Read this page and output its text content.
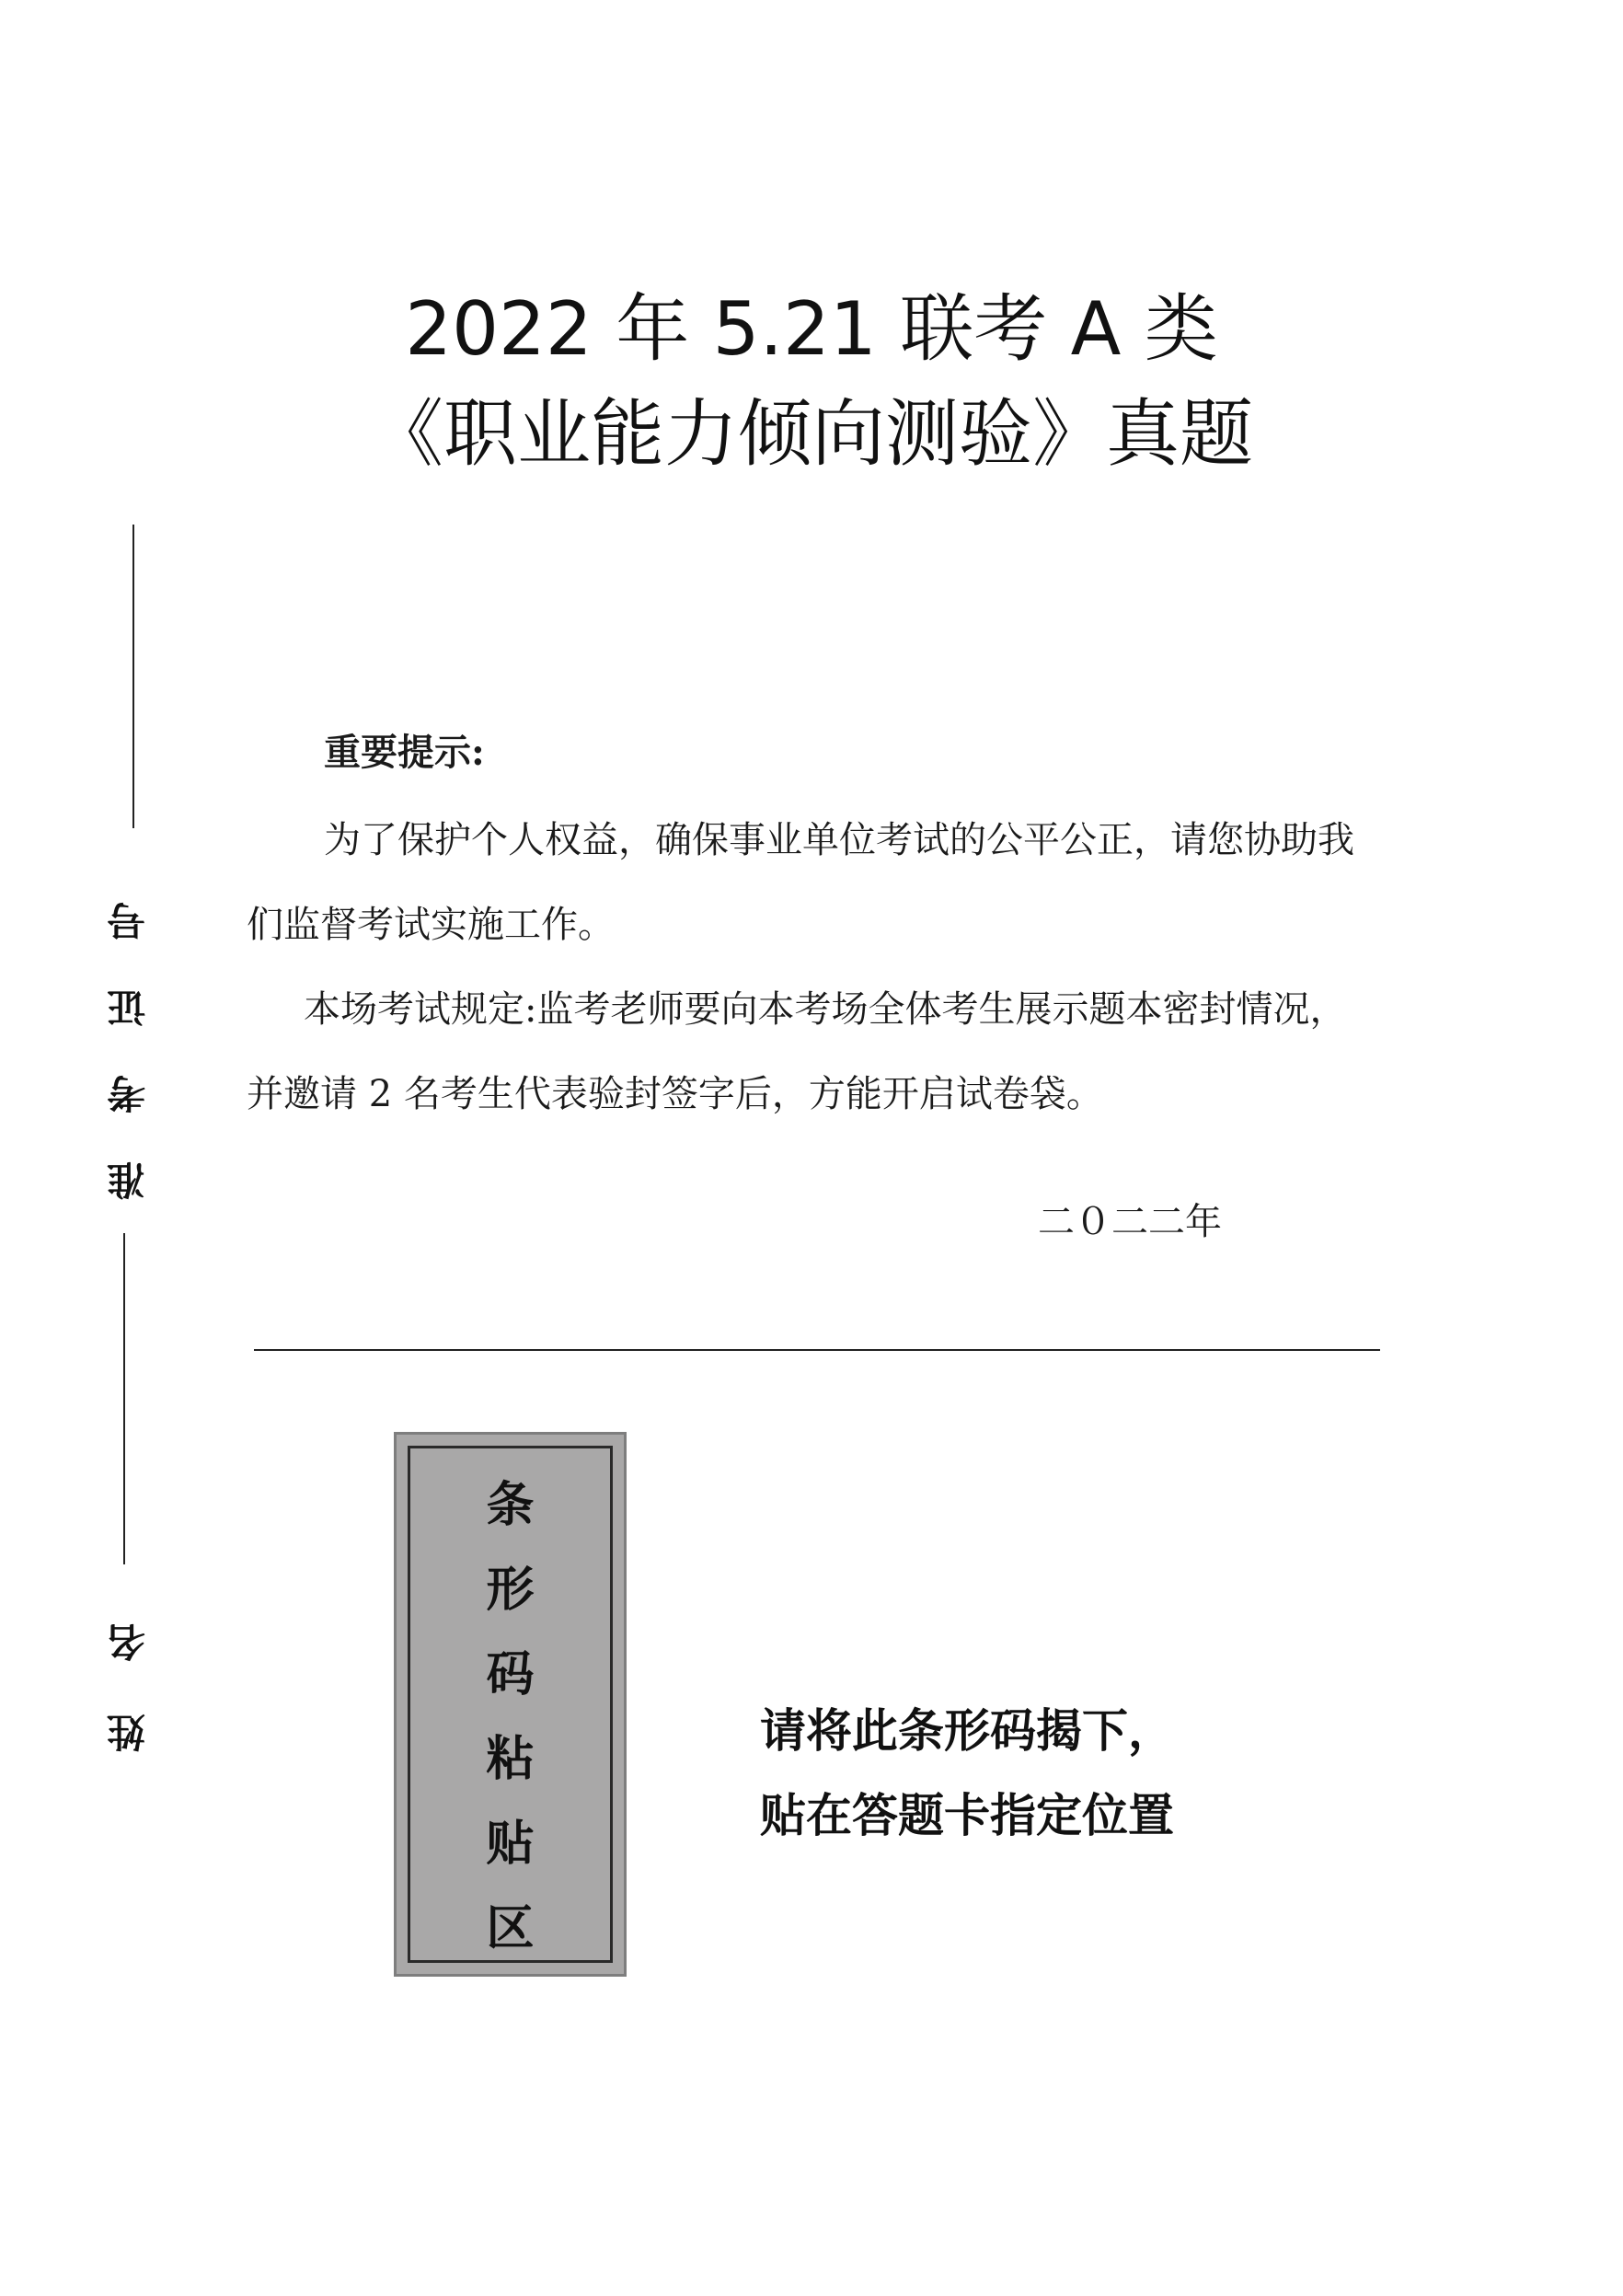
2022 年 5.21 联考 A 类
《职业能力倾向测验》真题
号
证
考
准
名
姓
重要提示:
为了保护个人权益，确保事业单位考试的公平公正，请您协助我
们监督考试实施工作。
本场考试规定:监考老师要向本考场全体考生展示题本密封情况，
并邀请 2 名考生代表验封签字后，方能开启试卷袋。
二０二二年
条
形
码
粘
贴
区
请将此条形码揭下，
贴在答题卡指定位置
